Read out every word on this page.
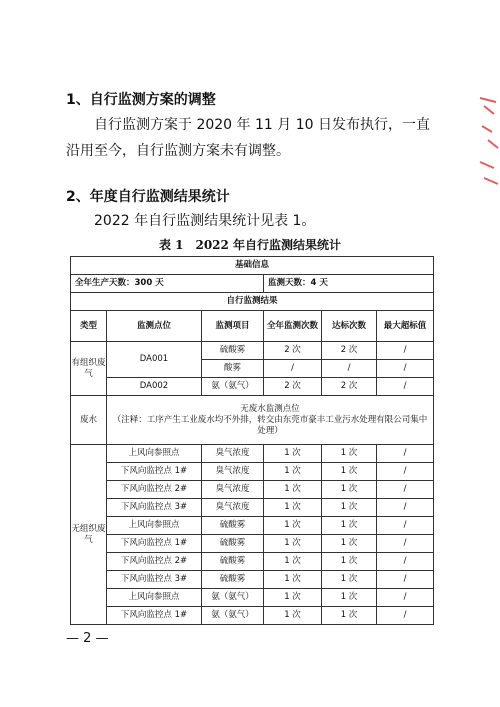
1、自行监测方案的调整

自行监测方案于 2020 年 11 月 10 日发布执行，一直沿用至今，自行监测方案未有调整。

2、年度自行监测结果统计

2022 年自行监测结果统计见表 1。

表 1　2022 年自行监测结果统计
基础信息					
全年生产天数：300 天			监测天数：4 天		
自行监测结果					
类型	监测点位	监测项目	全年监测次数	达标次数	最大超标值
有组织废气	DA001	硫酸雾	2 次	2 次	/
		酸雾	/	/	/
	DA002	氨（氨气）	2 次	2 次	/
废水	无废水监测点位
（注释：工序产生工业废水均不外排，转交由东莞市豪丰工业污水处理有限公司集中处理）				

无组织废气	上风向参照点	臭气浓度	1 次	1 次	/
	下风向监控点 1#	臭气浓度	1 次	1 次	/
	下风向监控点 2#	臭气浓度	1 次	1 次	/
	下风向监控点 3#	臭气浓度	1 次	1 次	/
	上风向参照点	硫酸雾	1 次	1 次	/
	下风向监控点 1#	硫酸雾	1 次	1 次	/
	下风向监控点 2#	硫酸雾	1 次	1 次	/
	下风向监控点 3#	硫酸雾	1 次	1 次	/
	上风向参照点	氨（氨气）	1 次	1 次	/
	下风向监控点 1#	氨（氨气）	1 次	1 次	/
— 2 —
